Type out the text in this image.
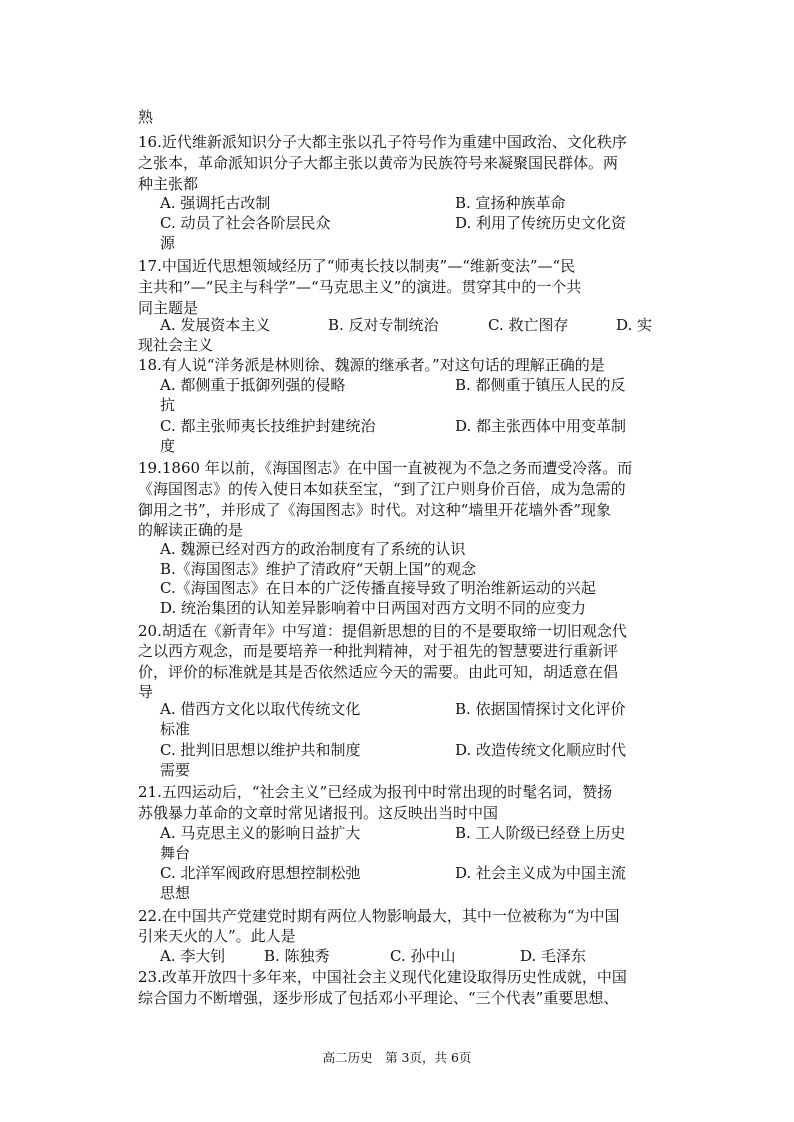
熟
16.近代维新派知识分子大都主张以孔子符号作为重建中国政治、文化秩序
之张本，革命派知识分子大都主张以黄帝为民族符号来凝聚国民群体。两
种主张都
A. 强调托古改制	B. 宣扬种族革命
C. 动员了社会各阶层民众	D. 利用了传统历史文化资
源
17.中国近代思想领域经历了“师夷长技以制夷”—“维新变法”—“民
主共和”—“民主与科学”—“马克思主义”的演进。贯穿其中的一个共
同主题是
A. 发展资本主义	B. 反对专制统治	C. 救亡图存	D. 实
现社会主义
18.有人说“洋务派是林则徐、魏源的继承者。”对这句话的理解正确的是
A. 都侧重于抵御列强的侵略	B. 都侧重于镇压人民的反
抗
C. 都主张师夷长技维护封建统治	D. 都主张西体中用变革制
度
19.1860 年以前，《海国图志》在中国一直被视为不急之务而遭受冷落。而
《海国图志》的传入使日本如获至宝，“到了江户则身价百倍，成为急需的
御用之书”，并形成了《海国图志》时代。对这种“墙里开花墙外香”现象
的解读正确的是
A. 魏源已经对西方的政治制度有了系统的认识
B.《海国图志》维护了清政府“天朝上国”的观念
C.《海国图志》在日本的广泛传播直接导致了明治维新运动的兴起
D. 统治集团的认知差异影响着中日两国对西方文明不同的应变力
20.胡适在《新青年》中写道：提倡新思想的目的不是要取缔一切旧观念代
之以西方观念，而是要培养一种批判精神，对于祖先的智慧要进行重新评
价，评价的标准就是其是否依然适应今天的需要。由此可知，胡适意在倡
导
A. 借西方文化以取代传统文化	B. 依据国情探讨文化评价
标准
C. 批判旧思想以维护共和制度	D. 改造传统文化顺应时代
需要
21.五四运动后，“社会主义”已经成为报刊中时常出现的时髦名词，赞扬
苏俄暴力革命的文章时常见诸报刊。这反映出当时中国
A. 马克思主义的影响日益扩大	B. 工人阶级已经登上历史
舞台
C. 北洋军阀政府思想控制松弛	D. 社会主义成为中国主流
思想
22.在中国共产党建党时期有两位人物影响最大，其中一位被称为“为中国
引来天火的人”。此人是
A. 李大钊	B. 陈独秀	C. 孙中山	D. 毛泽东
23.改革开放四十多年来，中国社会主义现代化建设取得历史性成就，中国
综合国力不断增强，逐步形成了包括邓小平理论、“三个代表”重要思想、
高二历史　第 3页，共 6页
